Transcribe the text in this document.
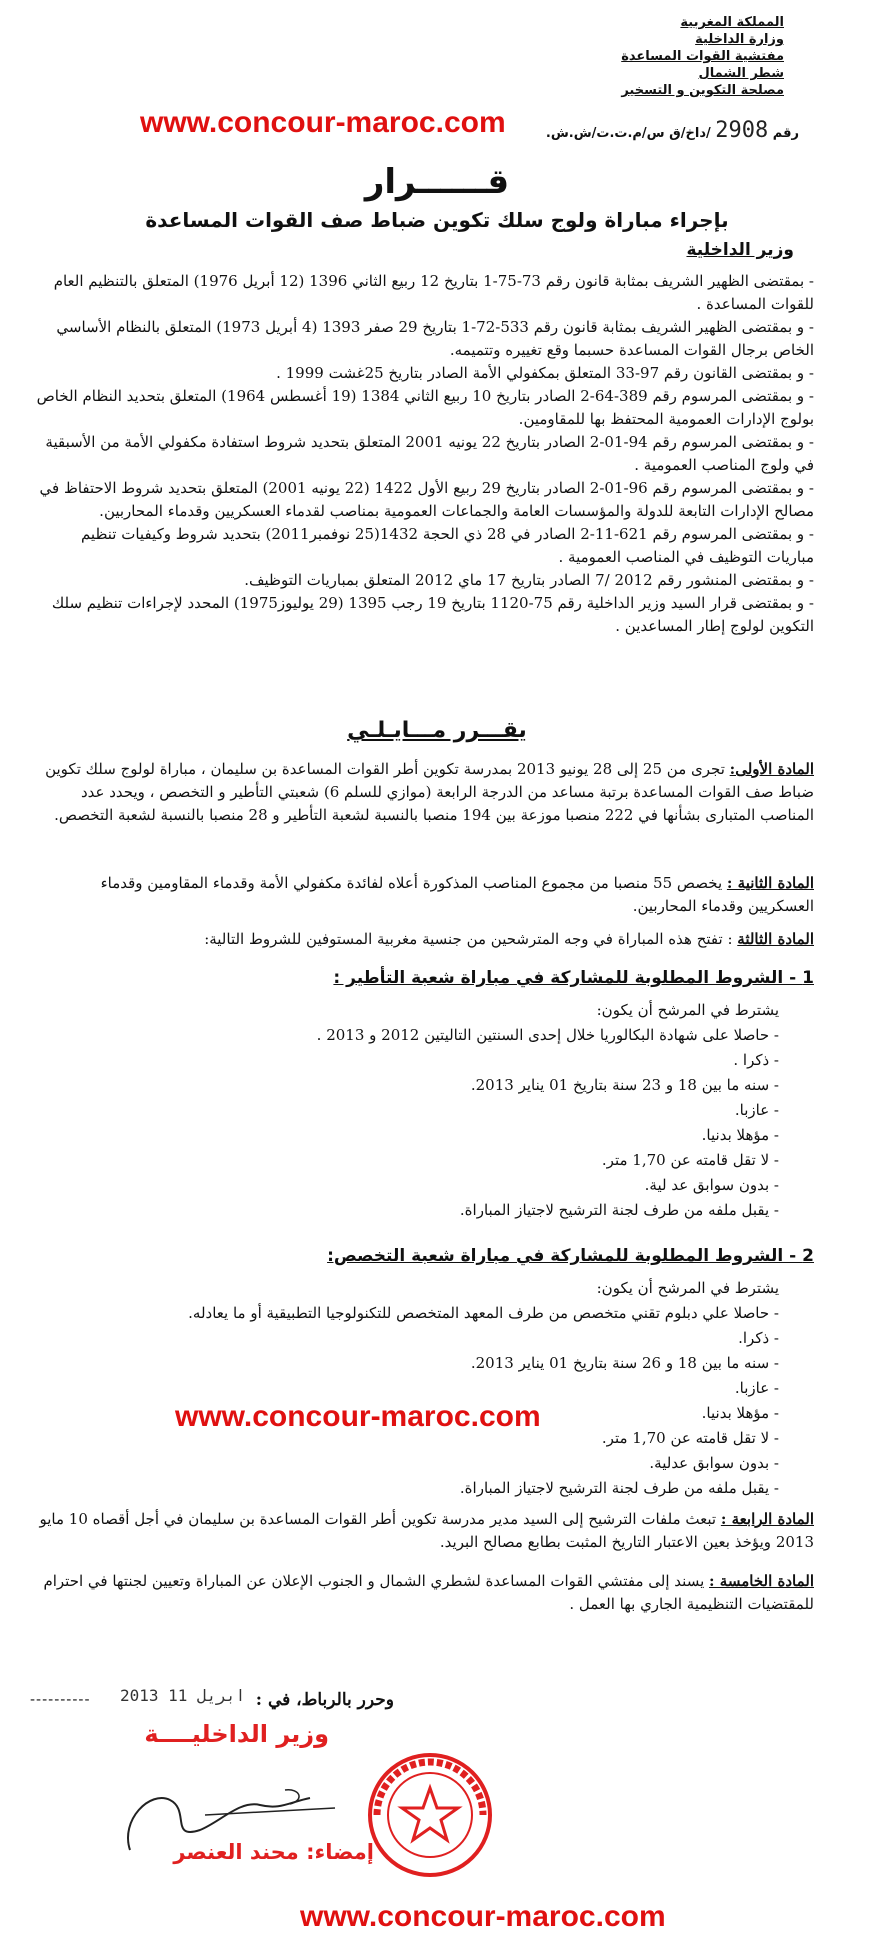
المملكة المغربية
وزارة الداخلية
مفتشية القوات المساعدة
شطر الشمال
مصلحة التكوين و التسخير
رقم 2908 /داخ/ق س/م.ت.ت/ش.ش.
www.concour-maroc.com
قــــــرار
بإجراء مباراة ولوج سلك تكوين ضباط صف القوات المساعدة
وزير الداخلية
- بمقتضى الظهير الشريف بمثابة قانون رقم 73-75-1 بتاريخ 12 ربيع الثاني 1396 (12 أبريل 1976) المتعلق بالتنظيم العام للقوات المساعدة .
- و بمقتضى الظهير الشريف بمثابة قانون رقم 533-72-1 بتاريخ 29 صفر 1393 (4 أبريل 1973) المتعلق بالنظام الأساسي الخاص برجال القوات المساعدة حسبما وقع تغييره وتتميمه.
- و بمقتضى القانون رقم 97-33 المتعلق بمكفولي الأمة الصادر بتاريخ 25غشت 1999 .
- و بمقتضى المرسوم رقم 389-64-2 الصادر بتاريخ 10 ربيع الثاني 1384 (19 أغسطس 1964) المتعلق بتحديد النظام الخاص بولوج الإدارات العمومية المحتفظ بها للمقاومين.
- و بمقتضى المرسوم رقم 94-01-2 الصادر بتاريخ 22 يونيه 2001 المتعلق بتحديد شروط استفادة مكفولي الأمة من الأسبقية في ولوج المناصب العمومية .
- و بمقتضى المرسوم رقم 96-01-2 الصادر بتاريخ 29 ربيع الأول 1422 (22 يونيه 2001) المتعلق بتحديد شروط الاحتفاظ في مصالح الإدارات التابعة للدولة والمؤسسات العامة والجماعات العمومية بمناصب لقدماء العسكريين وقدماء المحاربين.
- و بمقتضى المرسوم رقم 621-11-2 الصادر في 28 ذي الحجة 1432(25 نوفمبر2011) بتحديد شروط وكيفيات تنظيم مباريات التوظيف في المناصب العمومية .
- و بمقتضى المنشور رقم 2012 /7 الصادر بتاريخ 17 ماي 2012 المتعلق بمباريات التوظيف.
- و بمقتضى قرار السيد وزير الداخلية رقم 75-1120 بتاريخ 19 رجب 1395 (29 يوليوز1975) المحدد لإجراءات تنظيم سلك التكوين لولوج إطار المساعدين .
يقـــرر مـــايـلـي
المادة الأولى: تجرى من 25 إلى 28 يونيو 2013 بمدرسة تكوين أطر القوات المساعدة بن سليمان ، مباراة لولوج سلك تكوين ضباط صف القوات المساعدة برتبة مساعد من الدرجة الرابعة (موازي للسلم 6) شعبتي التأطير و التخصص ، ويحدد عدد المناصب المتبارى بشأنها في 222 منصبا موزعة بين 194 منصبا بالنسبة لشعبة التأطير و 28 منصبا بالنسبة لشعبة التخصص.
المادة الثانية : يخصص 55 منصبا من مجموع المناصب المذكورة أعلاه لفائدة مكفولي الأمة وقدماء المقاومين وقدماء العسكريين وقدماء المحاربين.
المادة الثالثة : تفتح هذه المباراة في وجه المترشحين من جنسية مغربية المستوفين للشروط التالية:
1 - الشروط المطلوبة للمشاركة في مباراة شعبة التأطير :
يشترط في المرشح أن يكون:
- حاصلا على شهادة البكالوريا خلال إحدى السنتين التاليتين 2012 و 2013 .
- ذكرا .
- سنه ما بين 18 و 23 سنة بتاريخ 01 يناير 2013.
- عازبا.
- مؤهلا بدنيا.
- لا تقل قامته عن 1,70 متر.
- بدون سوابق عد لية.
- يقبل ملفه من طرف لجنة الترشيح لاجتياز المباراة.
2 - الشروط المطلوبة للمشاركة في مباراة شعبة التخصص:
يشترط في المرشح أن يكون:
- حاصلا علي دبلوم تقني متخصص من طرف المعهد المتخصص للتكنولوجيا التطبيقية أو ما يعادله.
- ذكرا.
- سنه ما بين 18 و 26 سنة بتاريخ 01 يناير 2013.
- عازبا.
- مؤهلا بدنيا.
- لا تقل قامته عن 1,70 متر.
- بدون سوابق عدلية.
- يقبل ملفه من طرف لجنة الترشيح لاجتياز المباراة.
www.concour-maroc.com
المادة الرابعة : تبعث ملفات الترشيح إلى السيد مدير مدرسة تكوين أطر القوات المساعدة بن سليمان في أجل أقصاه 10 مايو 2013 ويؤخذ بعين الاعتبار التاريخ المثبت بطابع مصالح البريد.
المادة الخامسة : يسند إلى مفتشي القوات المساعدة لشطري الشمال و الجنوب الإعلان عن المباراة وتعيين لجنتها في احترام للمقتضيات التنظيمية الجاري بها العمل .
وحرر بالرباط، في :
2013 ابريل 11
----------
وزير الداخليــــة
إمضاء: محند العنصر
www.concour-maroc.com
